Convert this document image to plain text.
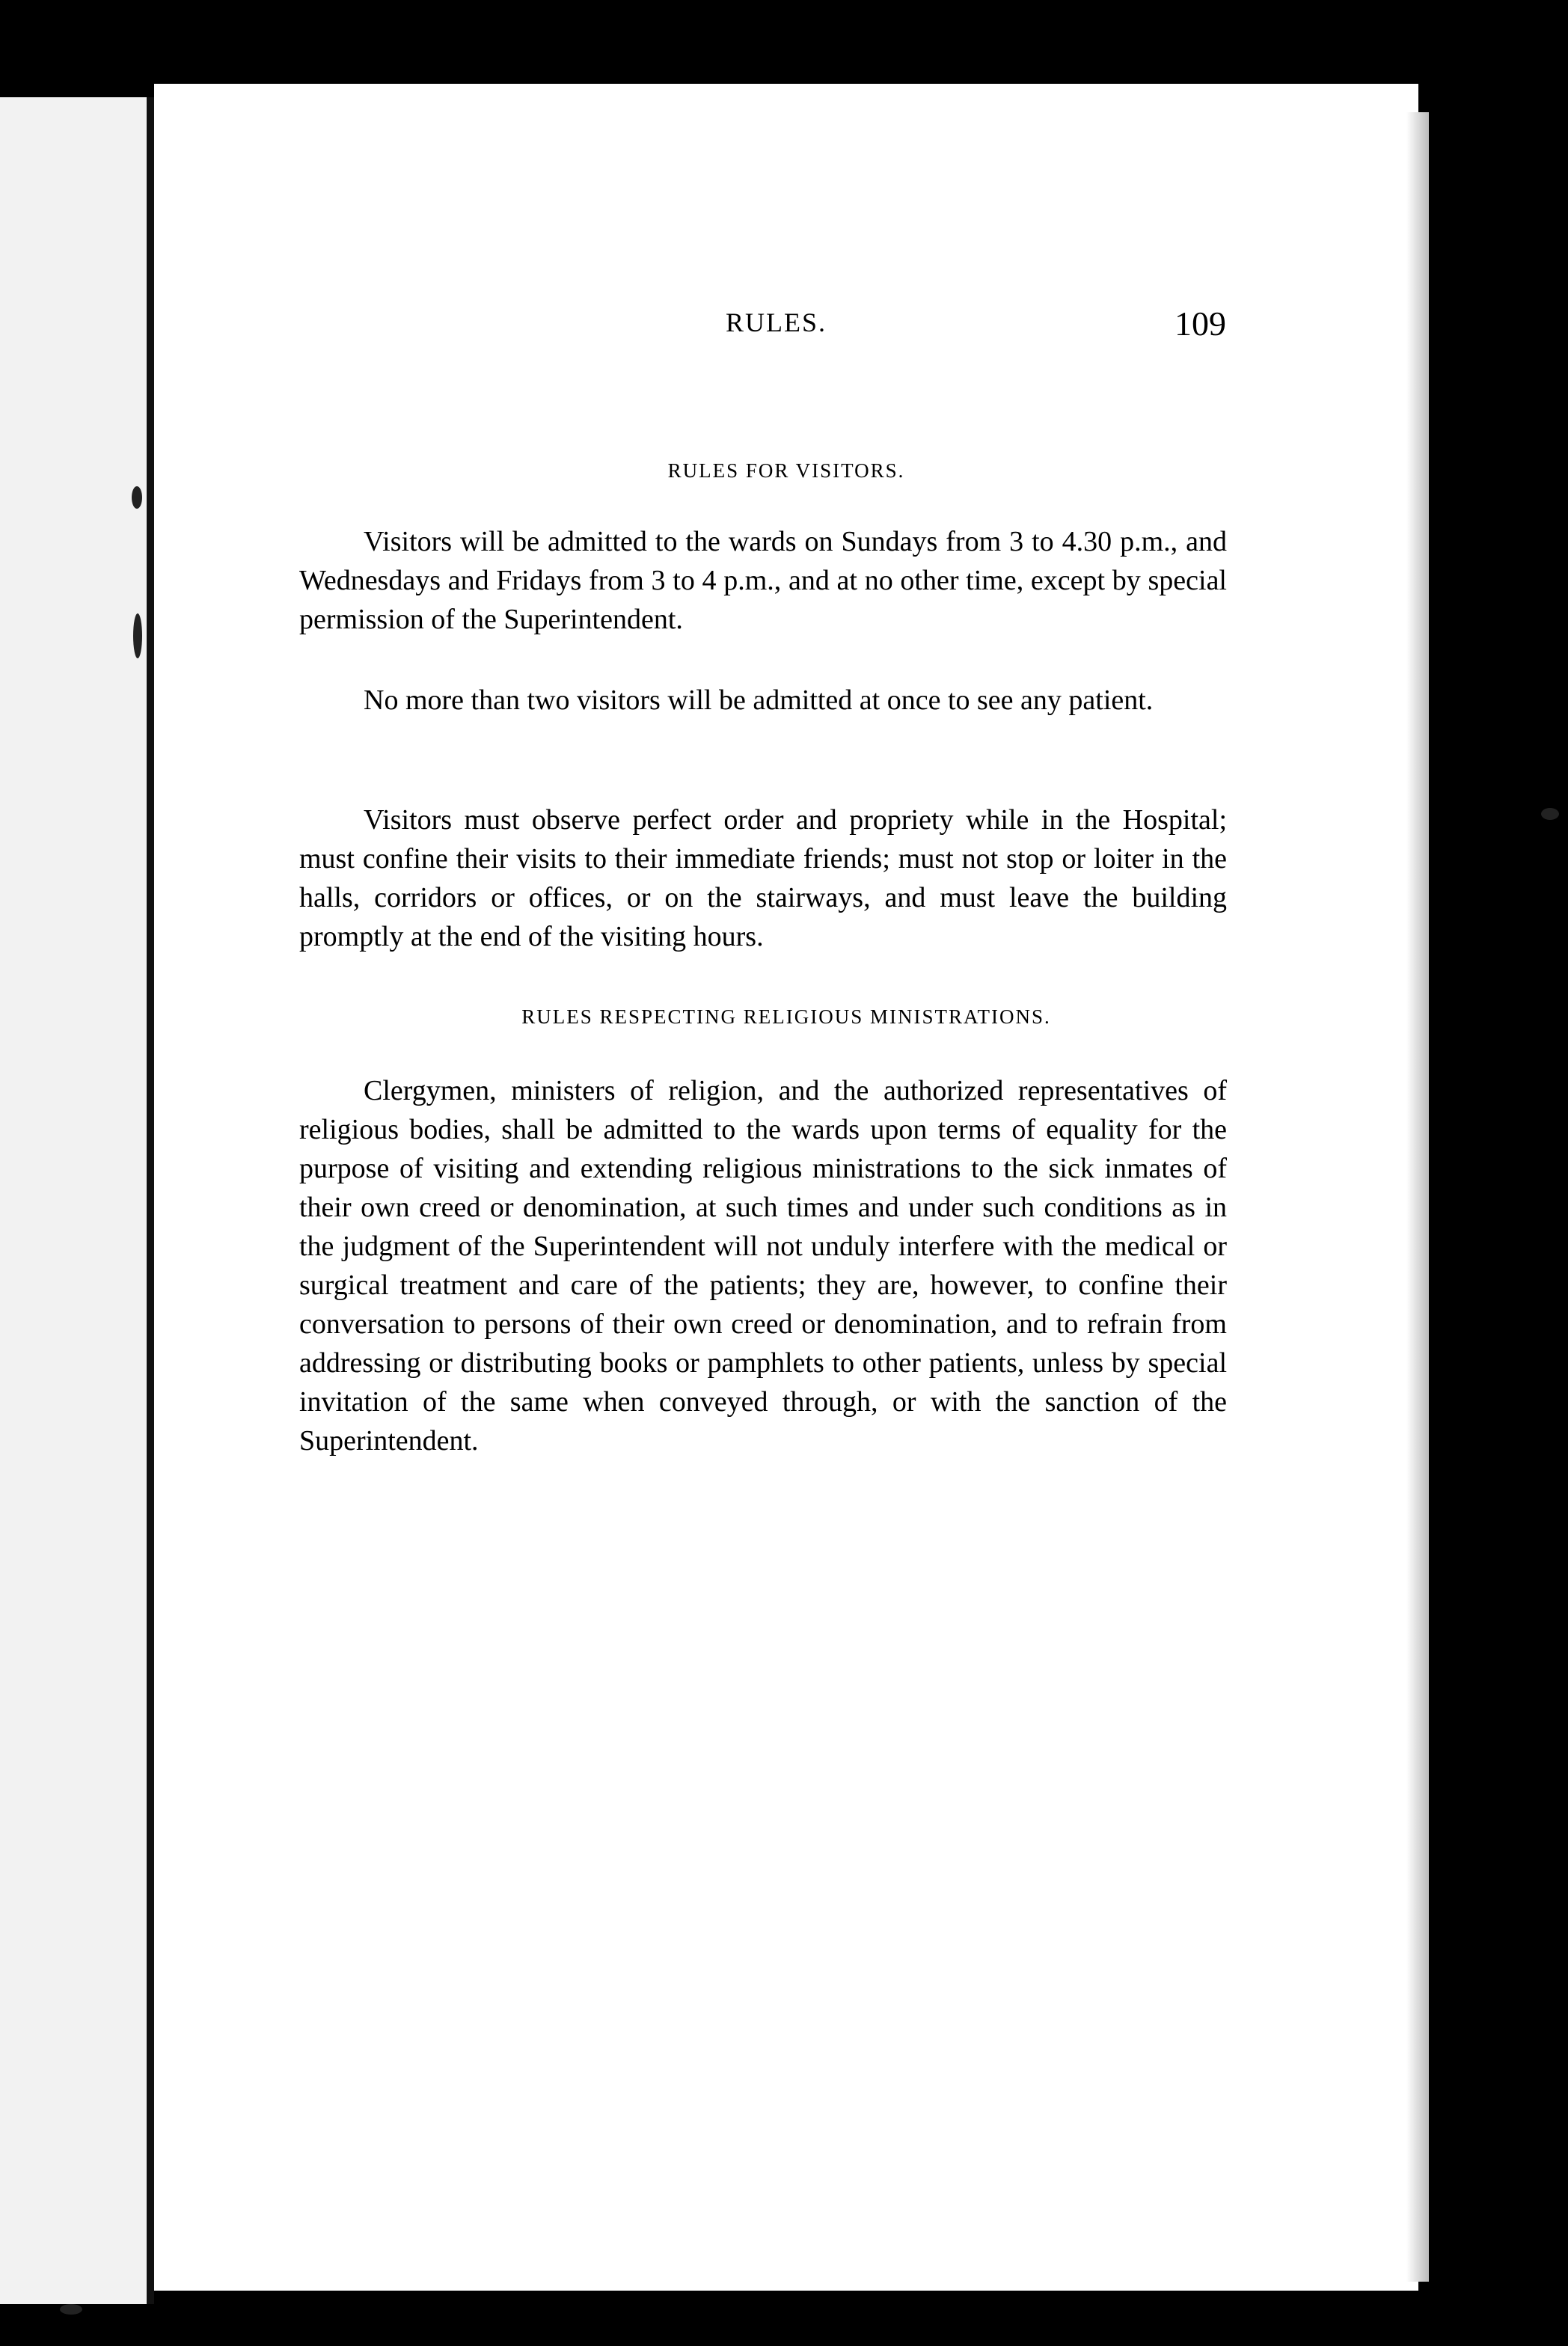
RULES.	109
RULES FOR VISITORS.

Visitors will be admitted to the wards on Sundays from 3 to 4.30 p.m., and Wednesdays and Fridays from 3 to 4 p.m., and at no other time, except by special permission of the Superintendent.

No more than two visitors will be admitted at once to see any patient.

Visitors must observe perfect order and propriety while in the Hospital; must confine their visits to their immediate friends; must not stop or loiter in the halls, corridors or offices, or on the stairways, and must leave the building promptly at the end of the visiting hours.

RULES RESPECTING RELIGIOUS MINISTRATIONS.

Clergymen, ministers of religion, and the authorized representatives of religious bodies, shall be admitted to the wards upon terms of equality for the purpose of visiting and extending religious ministrations to the sick inmates of their own creed or denomination, at such times and under such conditions as in the judgment of the Superintendent will not unduly interfere with the medical or surgical treatment and care of the patients; they are, however, to confine their conversation to persons of their own creed or denomination, and to refrain from addressing or distributing books or pamphlets to other patients, unless by special invitation of the same when conveyed through, or with the sanction of the Superintendent.
